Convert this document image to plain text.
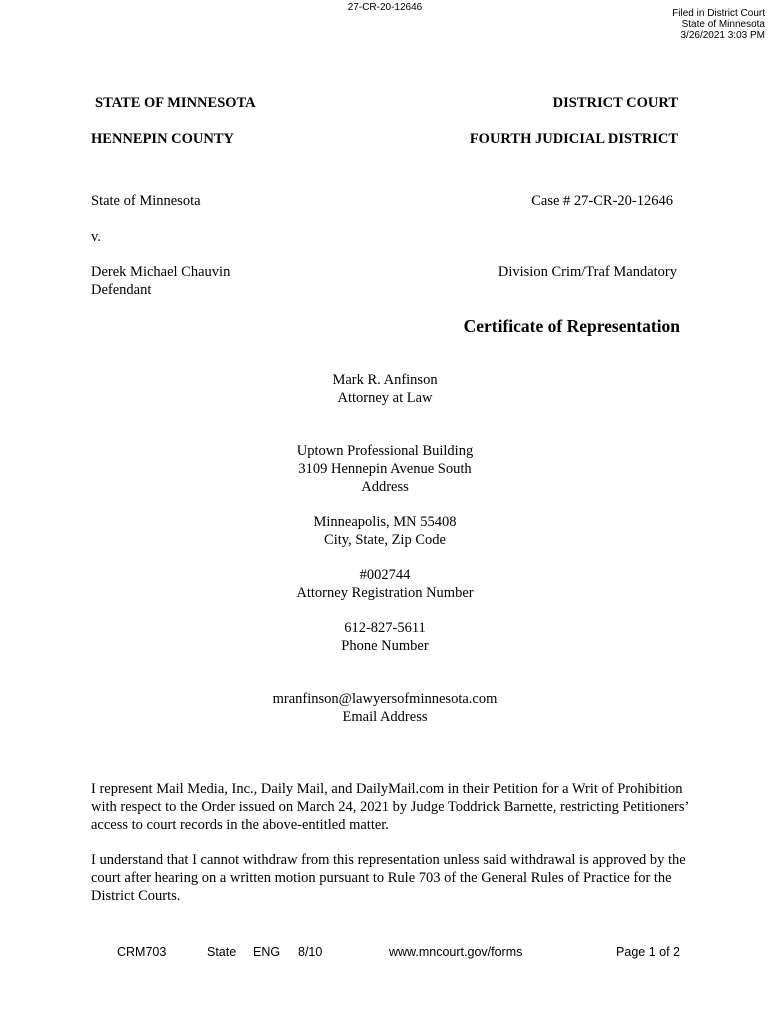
27-CR-20-12646
Filed in District Court
State of Minnesota
3/26/2021 3:03 PM
STATE OF MINNESOTA	DISTRICT COURT
HENNEPIN COUNTY	FOURTH JUDICIAL DISTRICT
State of Minnesota	Case # 27-CR-20-12646
v.
Derek Michael Chauvin
Defendant
Division Crim/Traf Mandatory
Certificate of Representation
Mark R. Anfinson
Attorney at Law
Uptown Professional Building
3109 Hennepin Avenue South
Address
Minneapolis, MN 55408
City, State, Zip Code
#002744
Attorney Registration Number
612-827-5611
Phone Number
mranfinson@lawyersofminnesota.com
Email Address
I represent Mail Media, Inc., Daily Mail, and DailyMail.com in their Petition for a Writ of Prohibition with respect to the Order issued on March 24, 2021 by Judge Toddrick Barnette, restricting Petitioners’ access to court records in the above-entitled matter.
I understand that I cannot withdraw from this representation unless said withdrawal is approved by the court after hearing on a written motion pursuant to Rule 703 of the General Rules of Practice for the District Courts.
CRM703	State ENG 8/10	www.mncourt.gov/forms	Page 1 of 2
